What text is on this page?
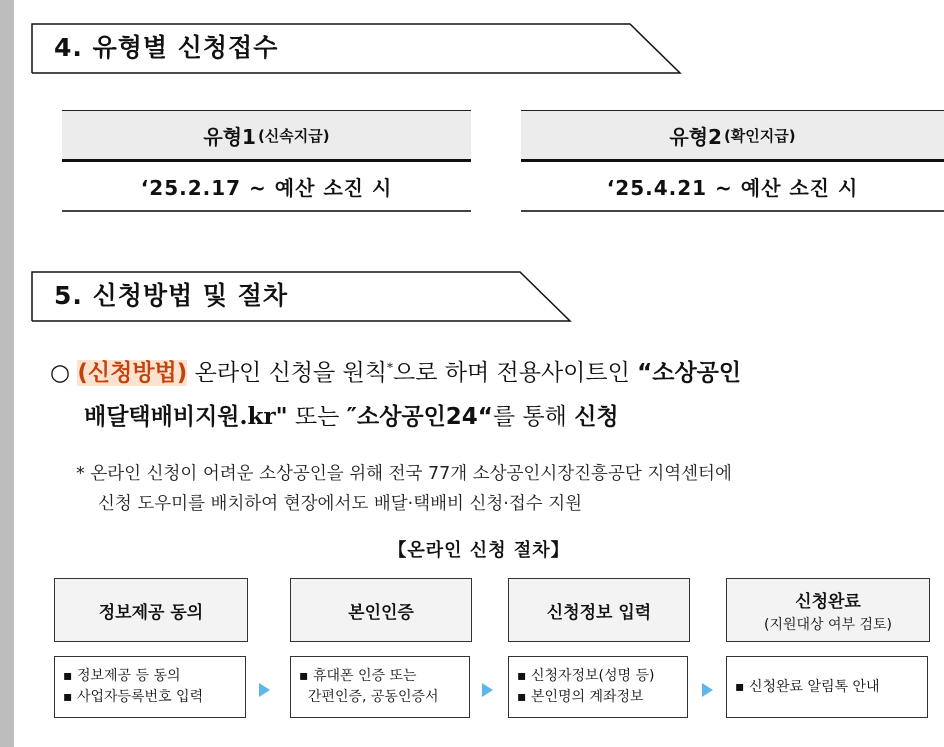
4. 유형별 신청접수
유형1 (신속지급)
‘25.2.17 ~ 예산 소진 시
유형2 (확인지급)
‘25.4.21 ~ 예산 소진 시
5. 신청방법 및 절차
○ (신청방법) 온라인 신청을 원칙*으로 하며 전용사이트인 “소상공인
배달택배비지원.kr" 또는 ″소상공인24“를 통해 신청
* 온라인 신청이 어려운 소상공인을 위해 전국 77개 소상공인시장진흥공단 지역센터에
신청 도우미를 배치하여 현장에서도 배달·택배비 신청·접수 지원
【온라인 신청 절차】
정보제공 동의	본인인증	신청정보 입력
신청완료
(지원대상 여부 검토)
▪ 정보제공 등 동의
▪ 사업자등록번호 입력
▪ 휴대폰 인증 또는
간편인증, 공동인증서
▪ 신청자정보(성명 등)
▪ 본인명의 계좌정보
▪ 신청완료 알림톡 안내
